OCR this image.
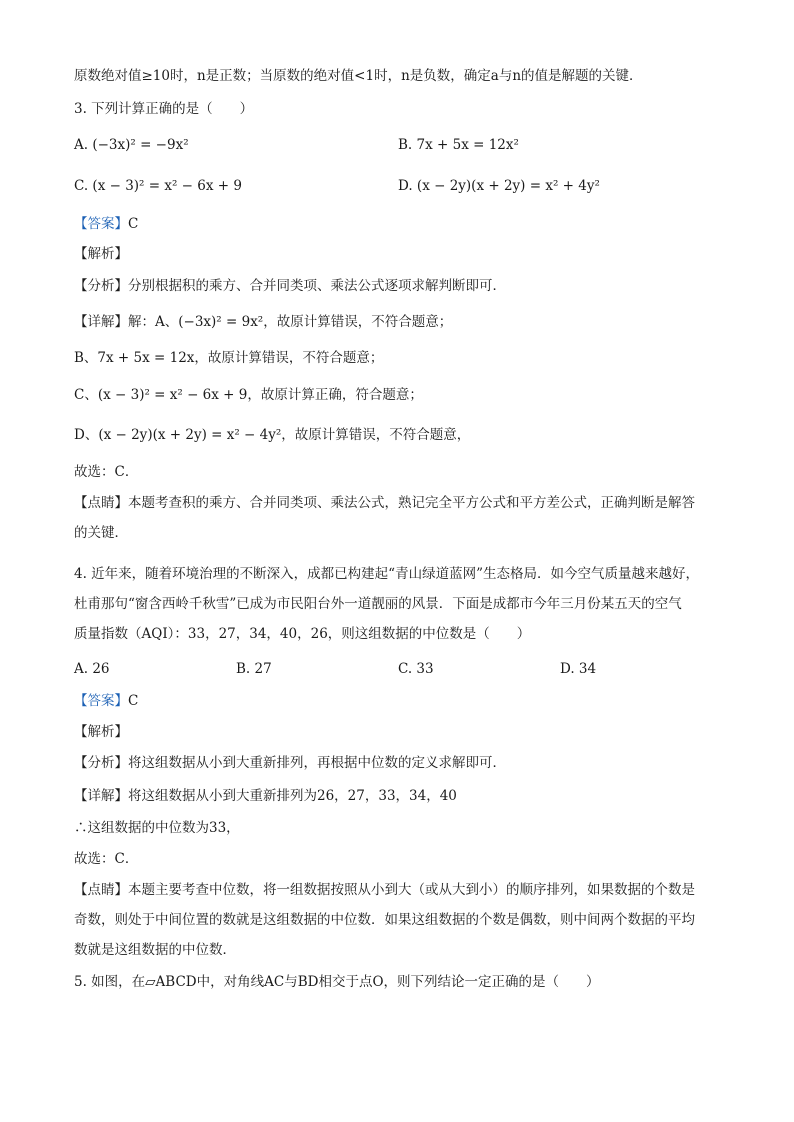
原数绝对值≥10时，n是正数；当原数的绝对值<1时，n是负数，确定a与n的值是解题的关键．
3. 下列计算正确的是（　　）
A. (−3x)² = −9x²	B. 7x + 5x = 12x²
C. (x − 3)² = x² − 6x + 9	D. (x − 2y)(x + 2y) = x² + 4y²
【答案】C
【解析】
【分析】分别根据积的乘方、合并同类项、乘法公式逐项求解判断即可．
【详解】解：A、(−3x)² = 9x²，故原计算错误，不符合题意；
B、7x + 5x = 12x，故原计算错误，不符合题意；
C、(x − 3)² = x² − 6x + 9，故原计算正确，符合题意；
D、(x − 2y)(x + 2y) = x² − 4y²，故原计算错误，不符合题意，
故选：C．
【点睛】本题考查积的乘方、合并同类项、乘法公式，熟记完全平方公式和平方差公式，正确判断是解答
的关键．
4. 近年来，随着环境治理的不断深入，成都已构建起“青山绿道蓝网”生态格局．如今空气质量越来越好，
杜甫那句“窗含西岭千秋雪”已成为市民阳台外一道靓丽的风景．下面是成都市今年三月份某五天的空气
质量指数（AQI）：33，27，34，40，26，则这组数据的中位数是（　　）
A. 26	B. 27	C. 33	D. 34
【答案】C
【解析】
【分析】将这组数据从小到大重新排列，再根据中位数的定义求解即可．
【详解】将这组数据从小到大重新排列为26，27，33，34，40
∴这组数据的中位数为33，
故选：C．
【点睛】本题主要考查中位数，将一组数据按照从小到大（或从大到小）的顺序排列，如果数据的个数是
奇数，则处于中间位置的数就是这组数据的中位数．如果这组数据的个数是偶数，则中间两个数据的平均
数就是这组数据的中位数．
5. 如图，在▱ABCD中，对角线AC与BD相交于点O，则下列结论一定正确的是（　　）
